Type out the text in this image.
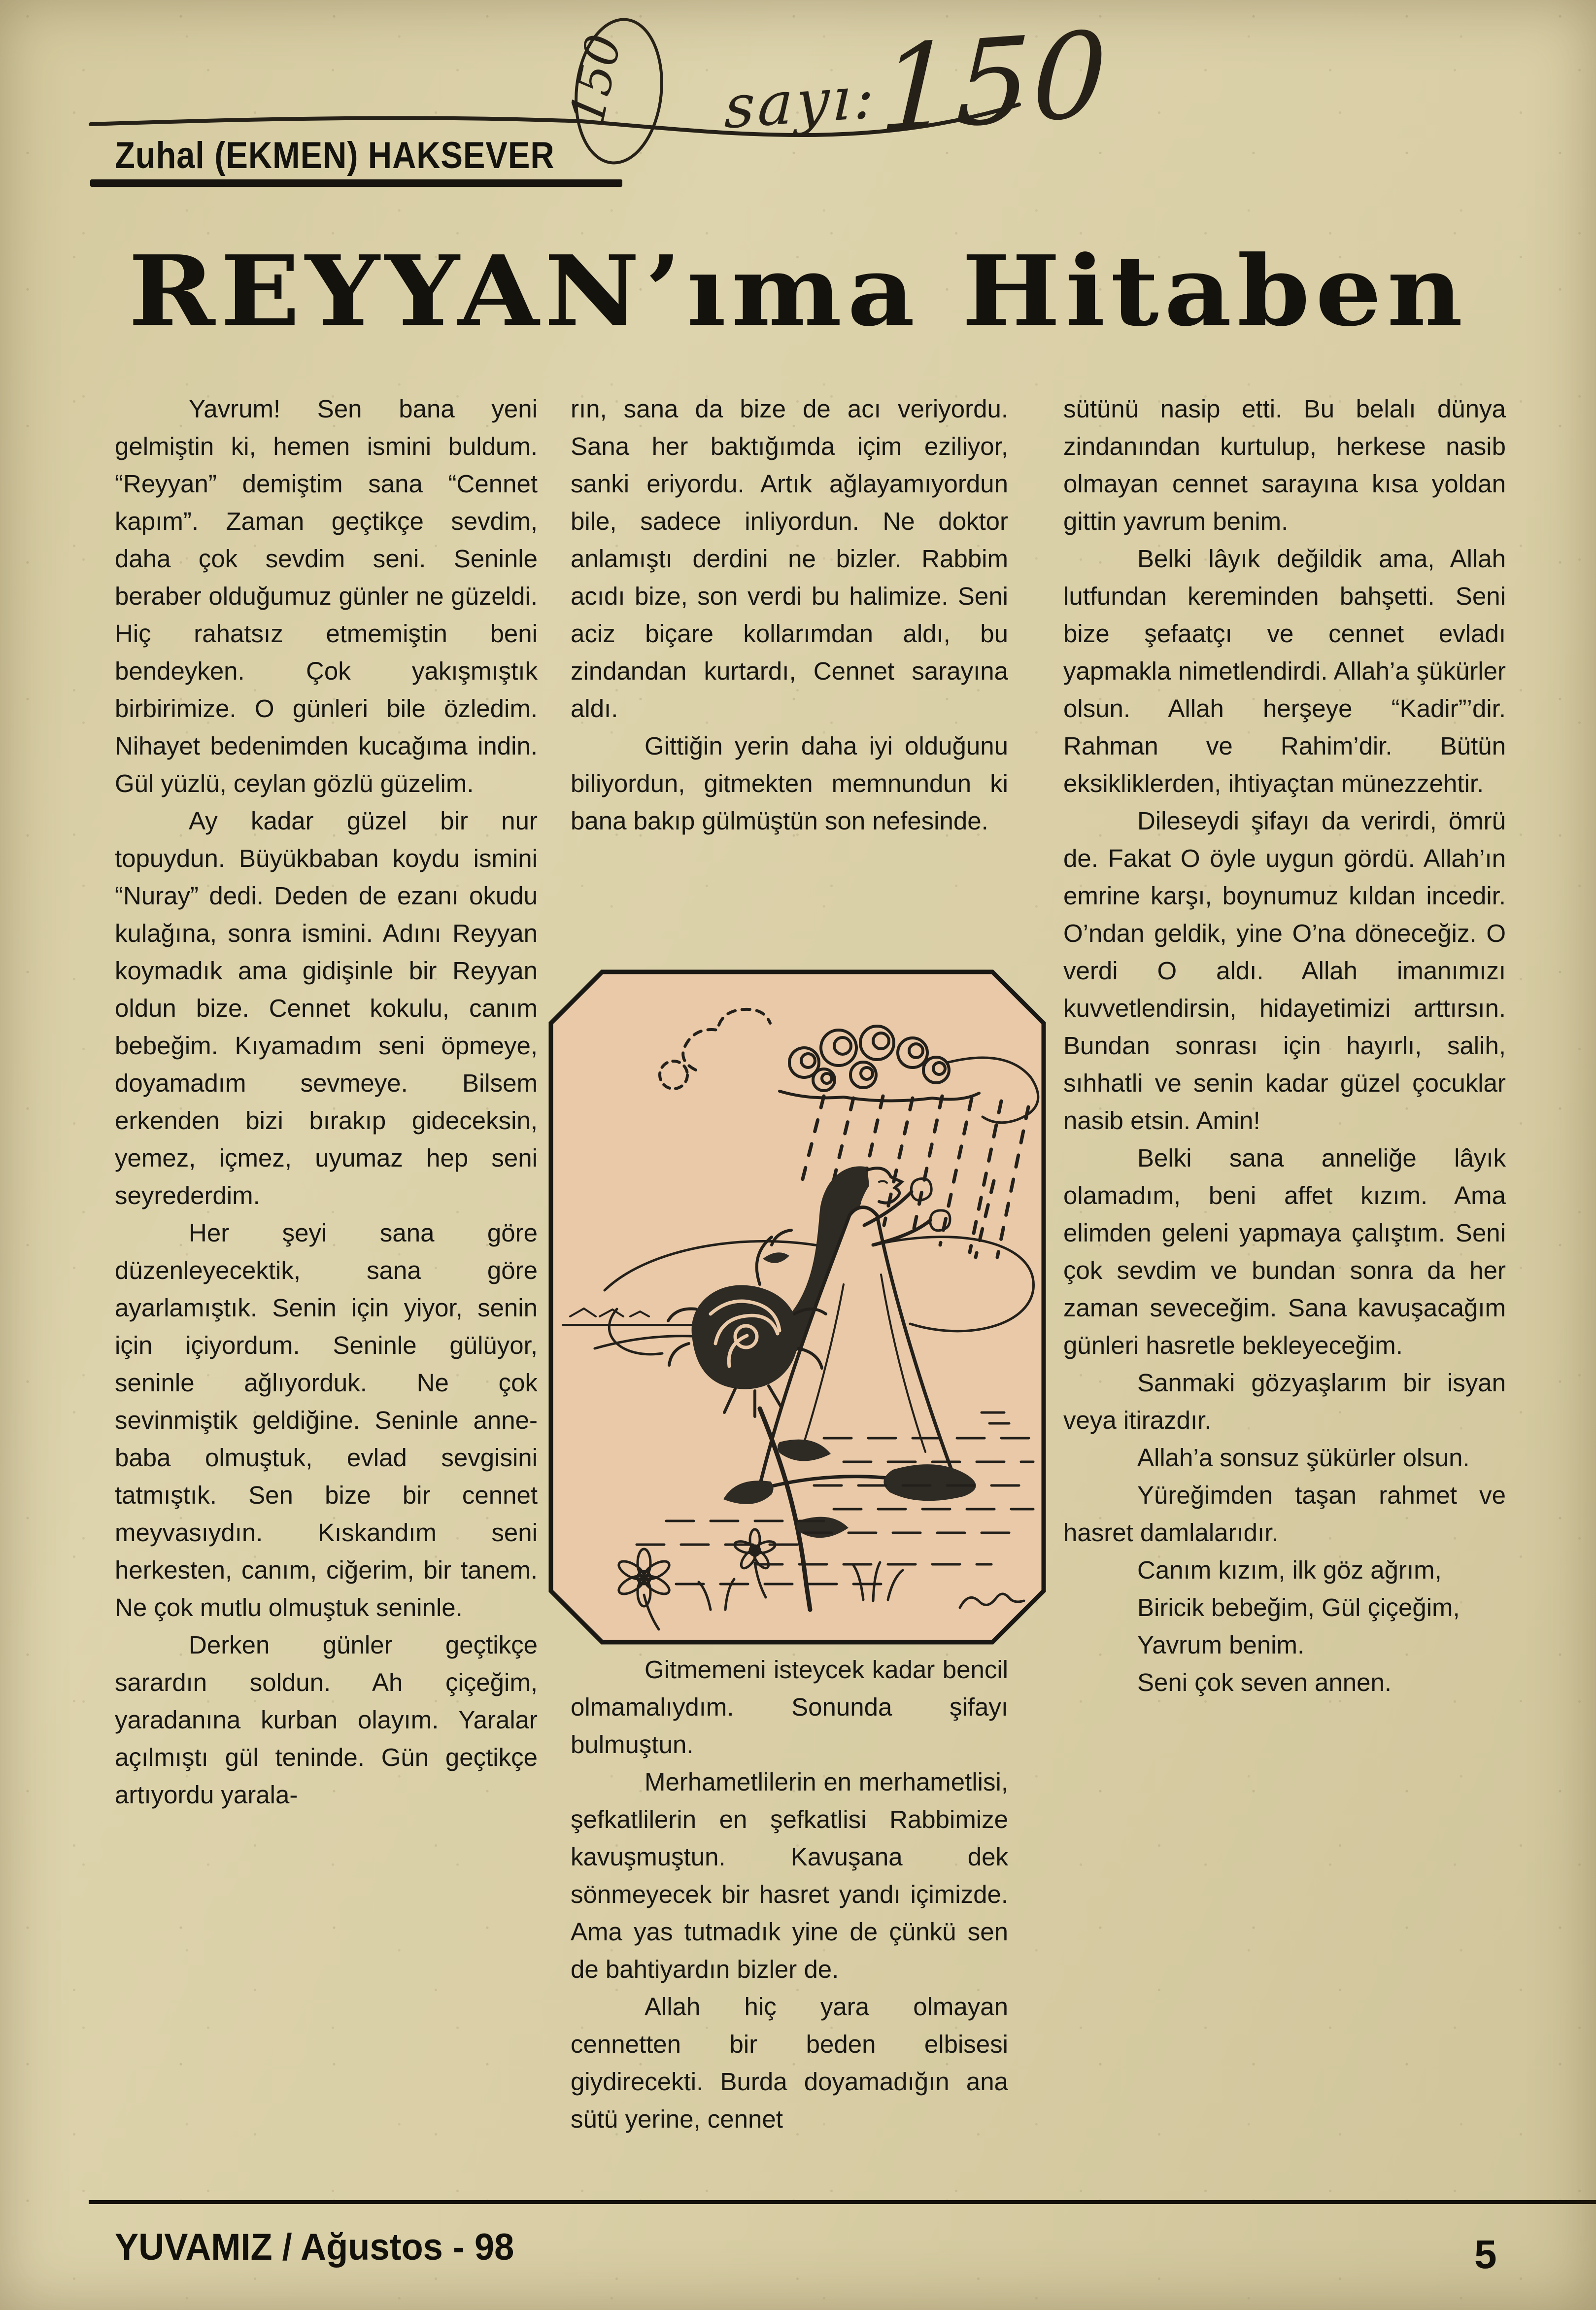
150 sayı: 150
Zuhal (EKMEN) HAKSEVER
REYYAN’ıma Hitaben

Yavrum! Sen bana yeni gelmiştin ki, hemen ismini buldum. “Reyyan” demiştim sana “Cennet kapım”. Zaman geçtikçe sevdim, daha çok sevdim seni. Seninle beraber olduğumuz günler ne güzeldi. Hiç rahatsız etmemiştin beni bendeyken. Çok yakışmıştık birbirimize. O günleri bile özledim. Nihayet bedenimden kucağıma indin. Gül yüzlü, ceylan gözlü güzelim.

Ay kadar güzel bir nur topuydun. Büyükbaban koydu ismini “Nuray” dedi. Deden de ezanı okudu kulağına, sonra ismini. Adını Reyyan koymadık ama gidişinle bir Reyyan oldun bize. Cennet kokulu, canım bebeğim. Kıyamadım seni öpmeye, doyamadım sevmeye. Bilsem erkenden bizi bırakıp gideceksin, yemez, içmez, uyumaz hep seni seyrederdim.

Her şeyi sana göre düzenleyecektik, sana göre ayarlamıştık. Senin için yiyor, senin için içiyordum. Seninle gülüyor, seninle ağlıyorduk. Ne çok sevinmiştik geldiğine. Seninle anne-baba olmuştuk, evlad sevgisini tatmıştık. Sen bize bir cennet meyvasıydın. Kıskandım seni herkesten, canım, ciğerim, bir tanem. Ne çok mutlu olmuştuk seninle.

Derken günler geçtikçe sarardın soldun. Ah çiçeğim, yaradanına kurban olayım. Yaralar açılmıştı gül teninde. Gün geçtikçe artıyordu yarala-

rın, sana da bize de acı veriyordu. Sana her baktığımda içim eziliyor, sanki eriyordu. Artık ağlayamıyordun bile, sadece inliyordun. Ne doktor anlamıştı derdini ne bizler. Rabbim acıdı bize, son verdi bu halimize. Seni aciz biçare kollarımdan aldı, bu zindandan kurtardı, Cennet sarayına aldı.

Gittiğin yerin daha iyi olduğunu biliyordun, gitmekten memnundun ki bana bakıp gülmüştün son nefesinde.

Gitmemeni isteycek kadar bencil olmamalıydım. Sonunda şifayı bulmuştun.

Merhametlilerin en merhametlisi, şefkatlilerin en şefkatlisi Rabbimize kavuşmuştun. Kavuşana dek sönmeyecek bir hasret yandı içimizde. Ama yas tutmadık yine de çünkü sen de bahtiyardın bizler de.

Allah hiç yara olmayan cennetten bir beden elbisesi giydirecekti. Burda doyamadığın ana sütü yerine, cennet

sütünü nasip etti. Bu belalı dünya zindanından kurtulup, herkese nasib olmayan cennet sarayına kısa yoldan gittin yavrum benim.

Belki lâyık değildik ama, Allah lutfundan kereminden bahşetti. Seni bize şefaatçı ve cennet evladı yapmakla nimetlendirdi. Allah’a şükürler olsun. Allah herşeye “Kadir”’dir. Rahman ve Rahim’dir. Bütün eksikliklerden, ihtiyaçtan münezzehtir.

Dileseydi şifayı da verirdi, ömrü de. Fakat O öyle uygun gördü. Allah’ın emrine karşı, boynumuz kıldan incedir. O’ndan geldik, yine O’na döneceğiz. O verdi O aldı. Allah imanımızı kuvvetlendirsin, hidayetimizi arttırsın. Bundan sonrası için hayırlı, salih, sıhhatli ve senin kadar güzel çocuklar nasib etsin. Amin!

Belki sana anneliğe lâyık olamadım, beni affet kızım. Ama elimden geleni yapmaya çalıştım. Seni çok sevdim ve bundan sonra da her zaman seveceğim. Sana kavuşacağım günleri hasretle bekleyeceğim.

Sanmaki gözyaşlarım bir isyan veya itirazdır.

Allah’a sonsuz şükürler olsun.

Yüreğimden taşan rahmet ve hasret damlalarıdır.

Canım kızım, ilk göz ağrım,

Biricik bebeğim, Gül çiçeğim,

Yavrum benim.

Seni çok seven annen.

YUVAMIZ / Ağustos - 98	5
